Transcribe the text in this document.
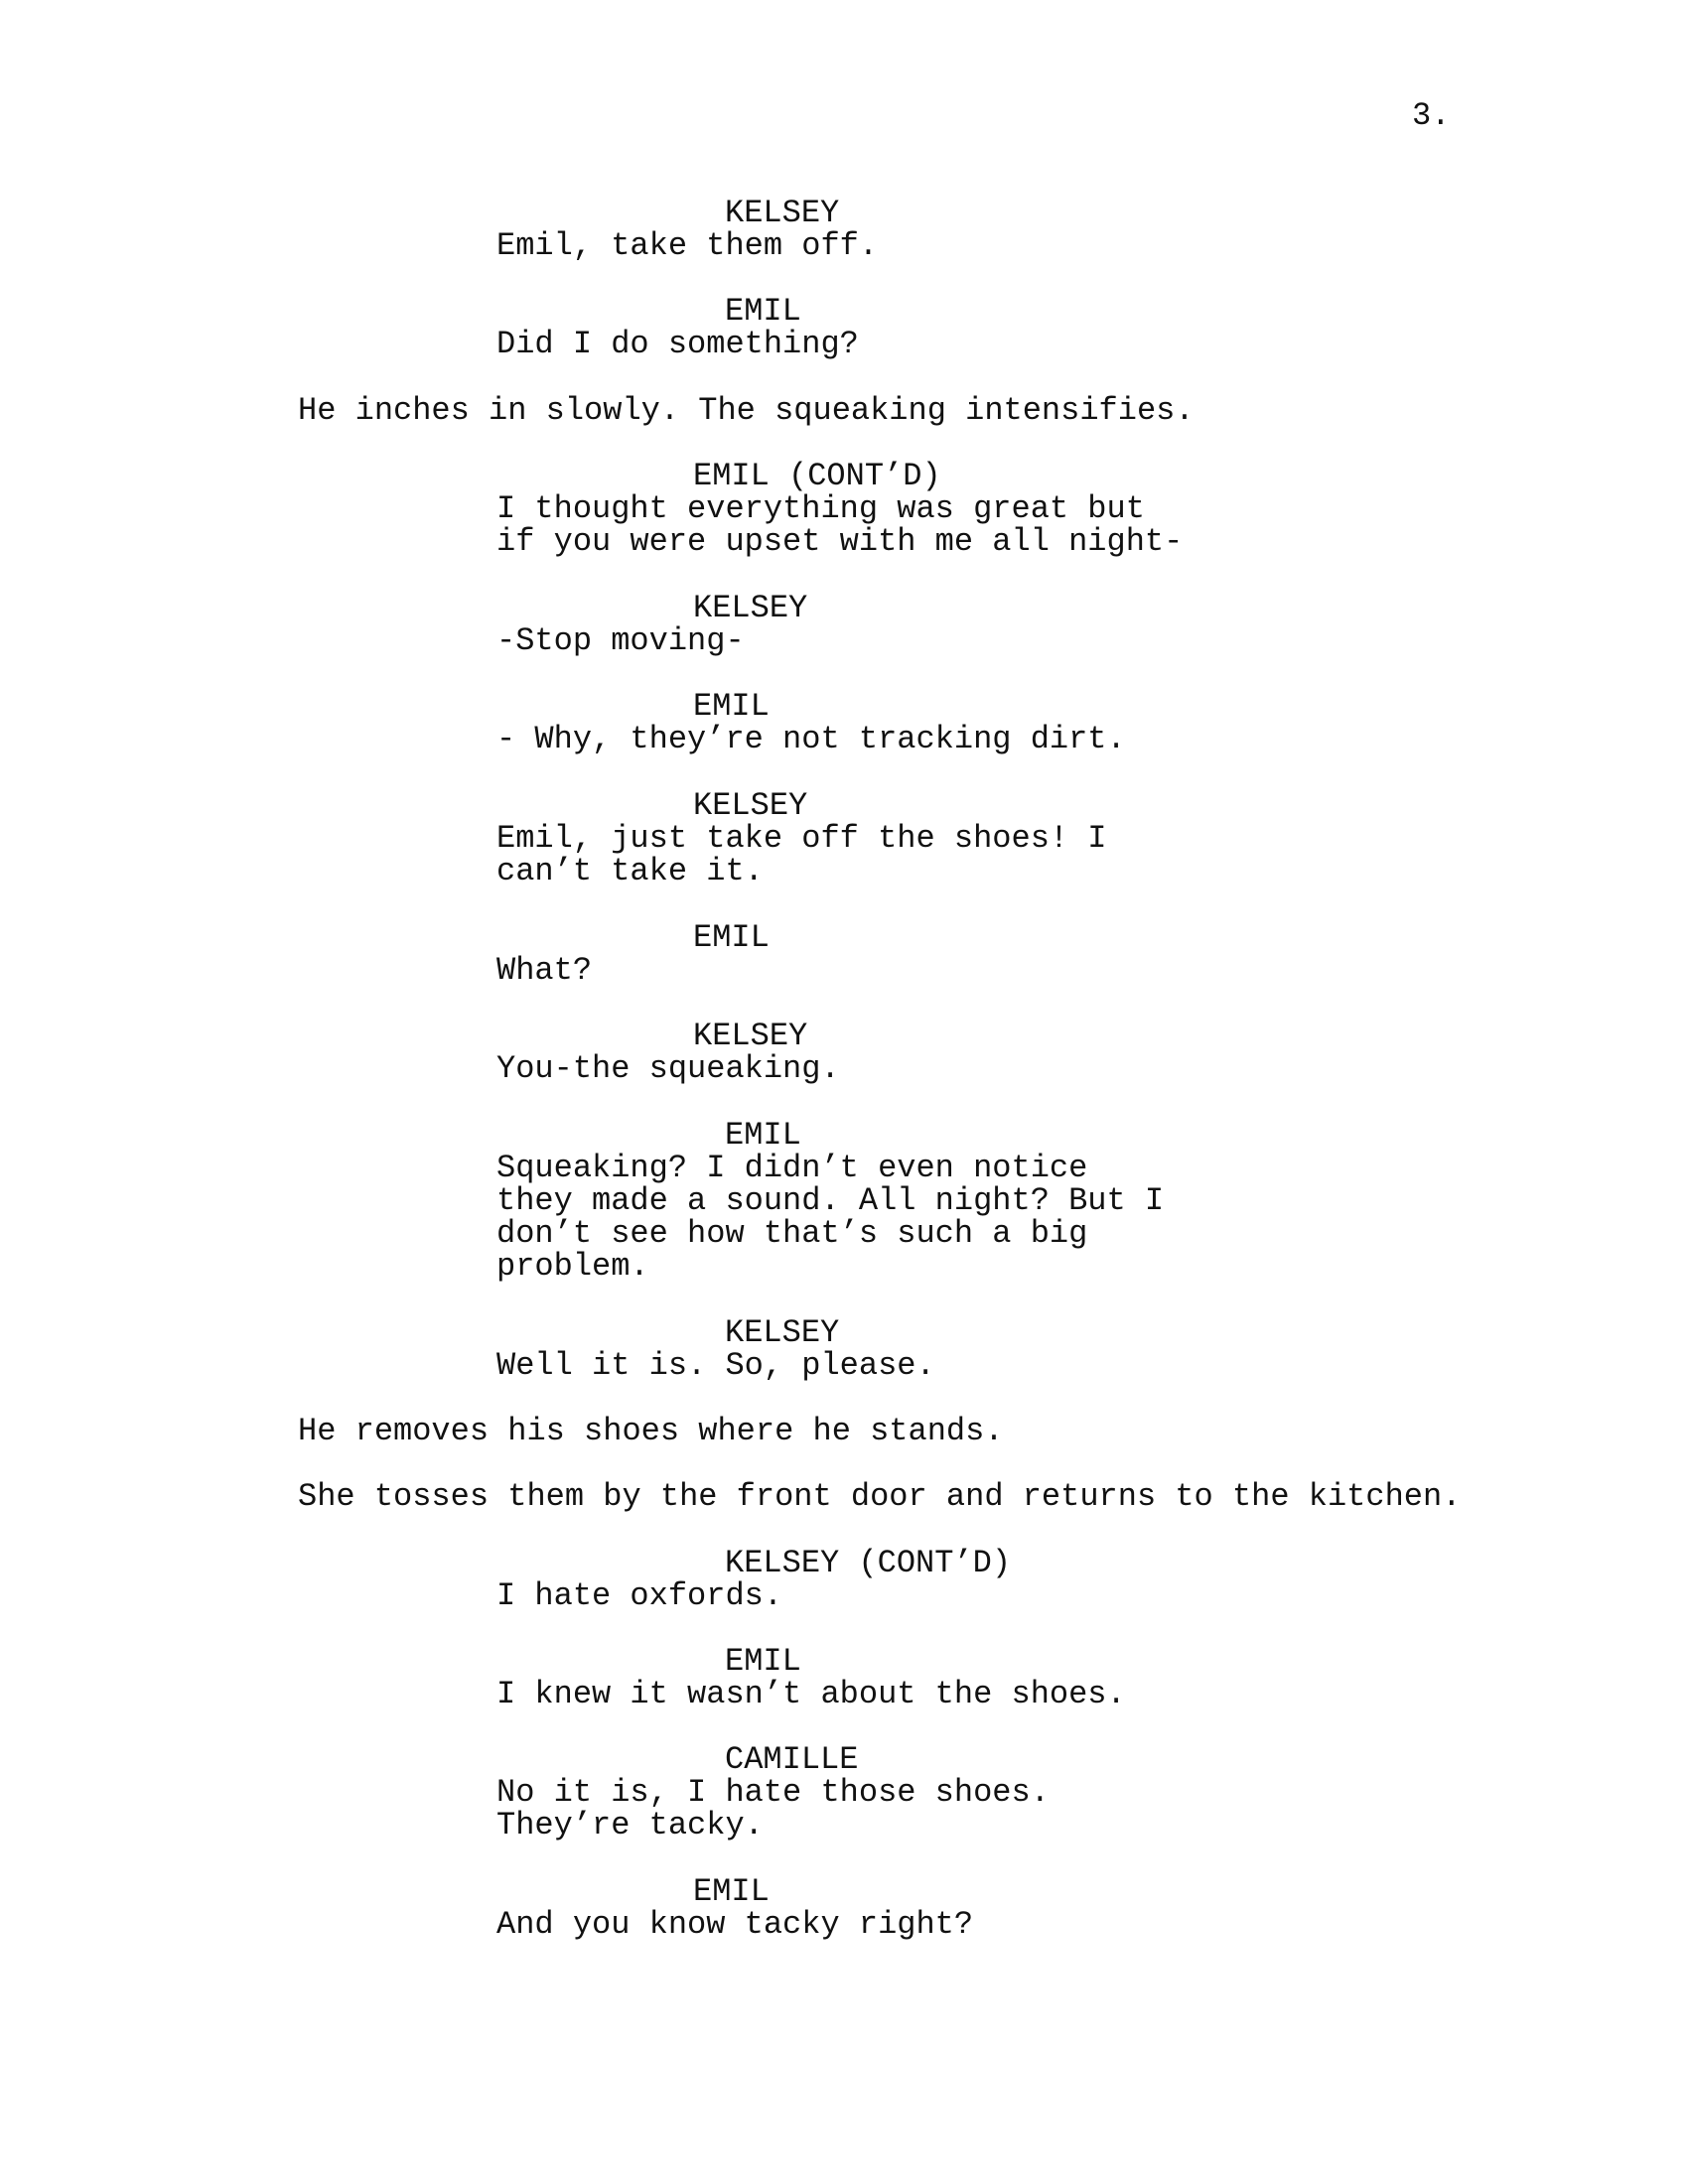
3.
KELSEY
Emil, take them off.
EMIL
Did I do something?
He inches in slowly. The squeaking intensifies.
EMIL (CONT’D)
I thought everything was great but
if you were upset with me all night-
KELSEY
-Stop moving-
EMIL
- Why, they’re not tracking dirt.
KELSEY
Emil, just take off the shoes! I
can’t take it.
EMIL
What?
KELSEY
You-the squeaking.
EMIL
Squeaking? I didn’t even notice
they made a sound. All night? But I
don’t see how that’s such a big
problem.
KELSEY
Well it is. So, please.
He removes his shoes where he stands.
She tosses them by the front door and returns to the kitchen.
KELSEY (CONT’D)
I hate oxfords.
EMIL
I knew it wasn’t about the shoes.
CAMILLE
No it is, I hate those shoes.
They’re tacky.
EMIL
And you know tacky right?
